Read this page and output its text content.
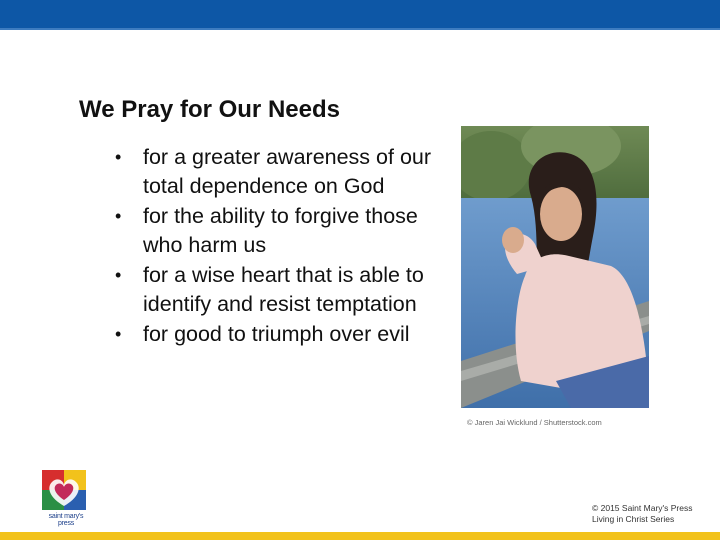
We Pray for Our Needs
• for a greater awareness of our total dependence on God
• for the ability to forgive those who harm us
• for a wise heart that is able to identify and resist temptation
• for good to triumph over evil
© Jaren Jai Wicklund / Shutterstock.com
saint mary's press
© 2015 Saint Mary's Press
Living in Christ Series
